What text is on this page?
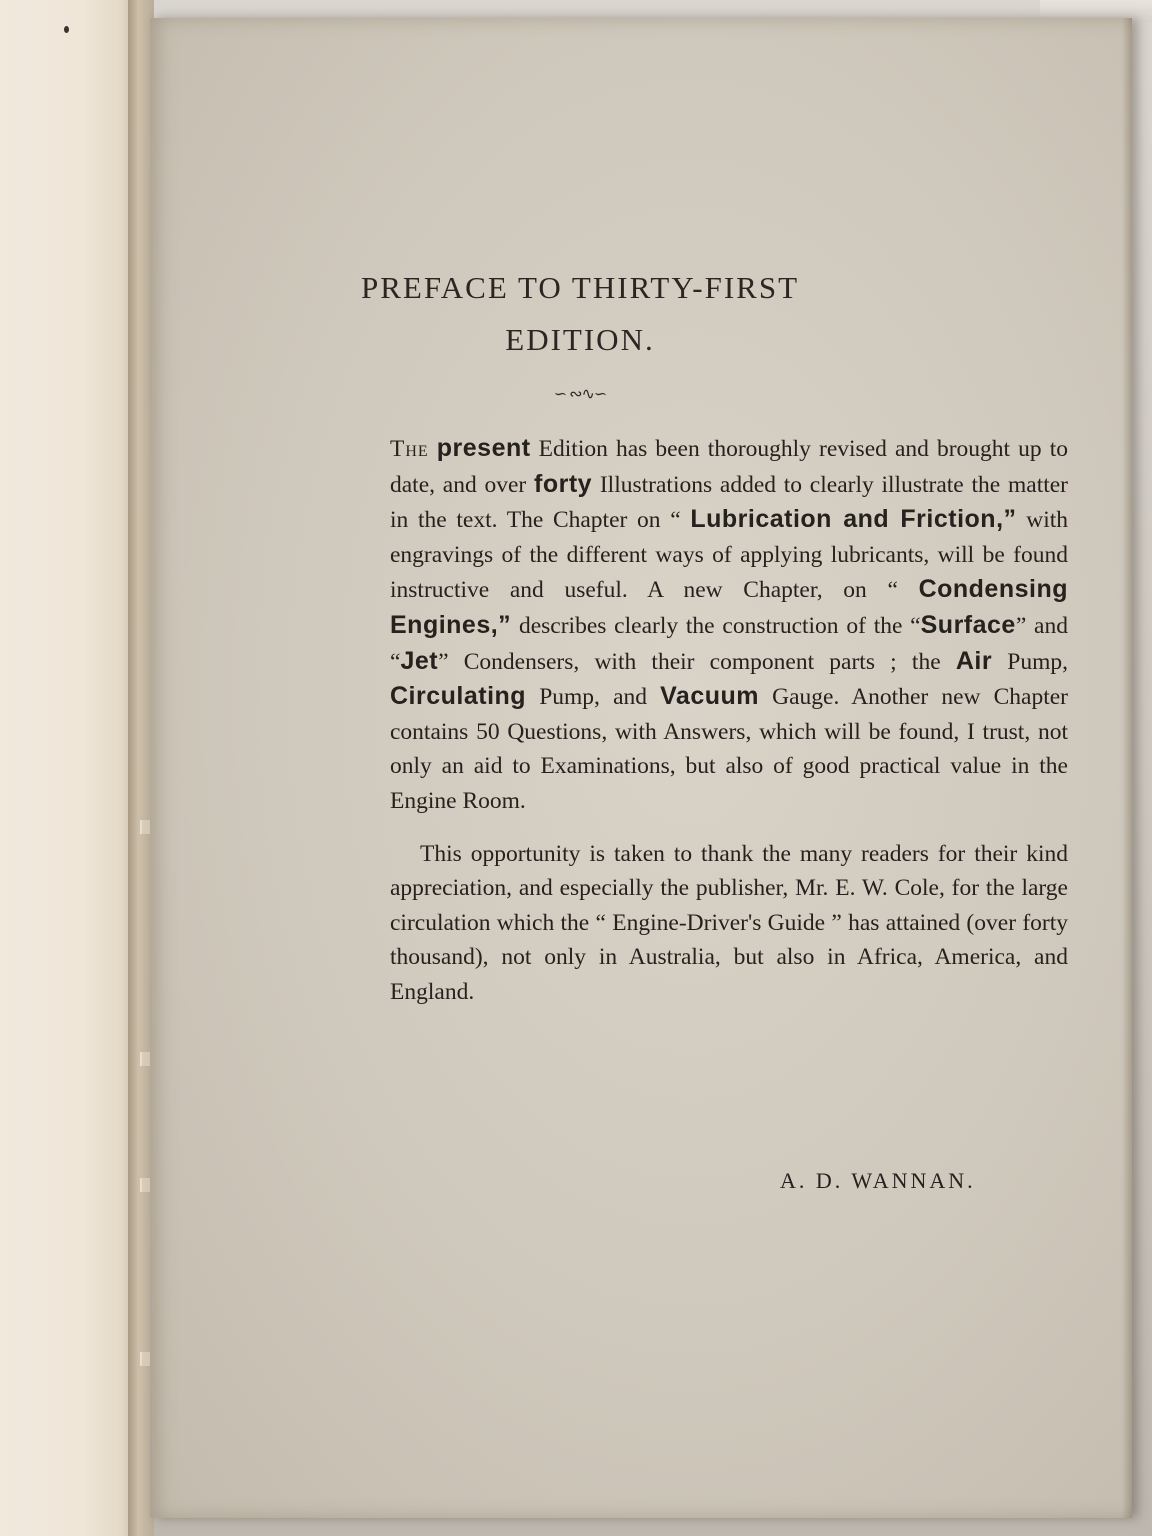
PREFACE TO THIRTY-FIRST
EDITION.
∽ ∾∿∽

The present Edition has been thoroughly revised and brought up to date, and over forty Illustrations added to clearly illustrate the matter in the text. The Chapter on “ Lubrication and Friction,” with engravings of the different ways of applying lubricants, will be found instructive and useful. A new Chapter, on “ Condensing Engines,” describes clearly the construction of the “Surface” and “Jet” Condensers, with their component parts ; the Air Pump, Circulating Pump, and Vacuum Gauge. Another new Chapter contains 50 Questions, with Answers, which will be found, I trust, not only an aid to Examinations, but also of good practical value in the Engine Room.

This opportunity is taken to thank the many readers for their kind appreciation, and especially the publisher, Mr. E. W. Cole, for the large circulation which the “ Engine-Driver's Guide ” has attained (over forty thousand), not only in Australia, but also in Africa, America, and England.

A. D. WANNAN.
